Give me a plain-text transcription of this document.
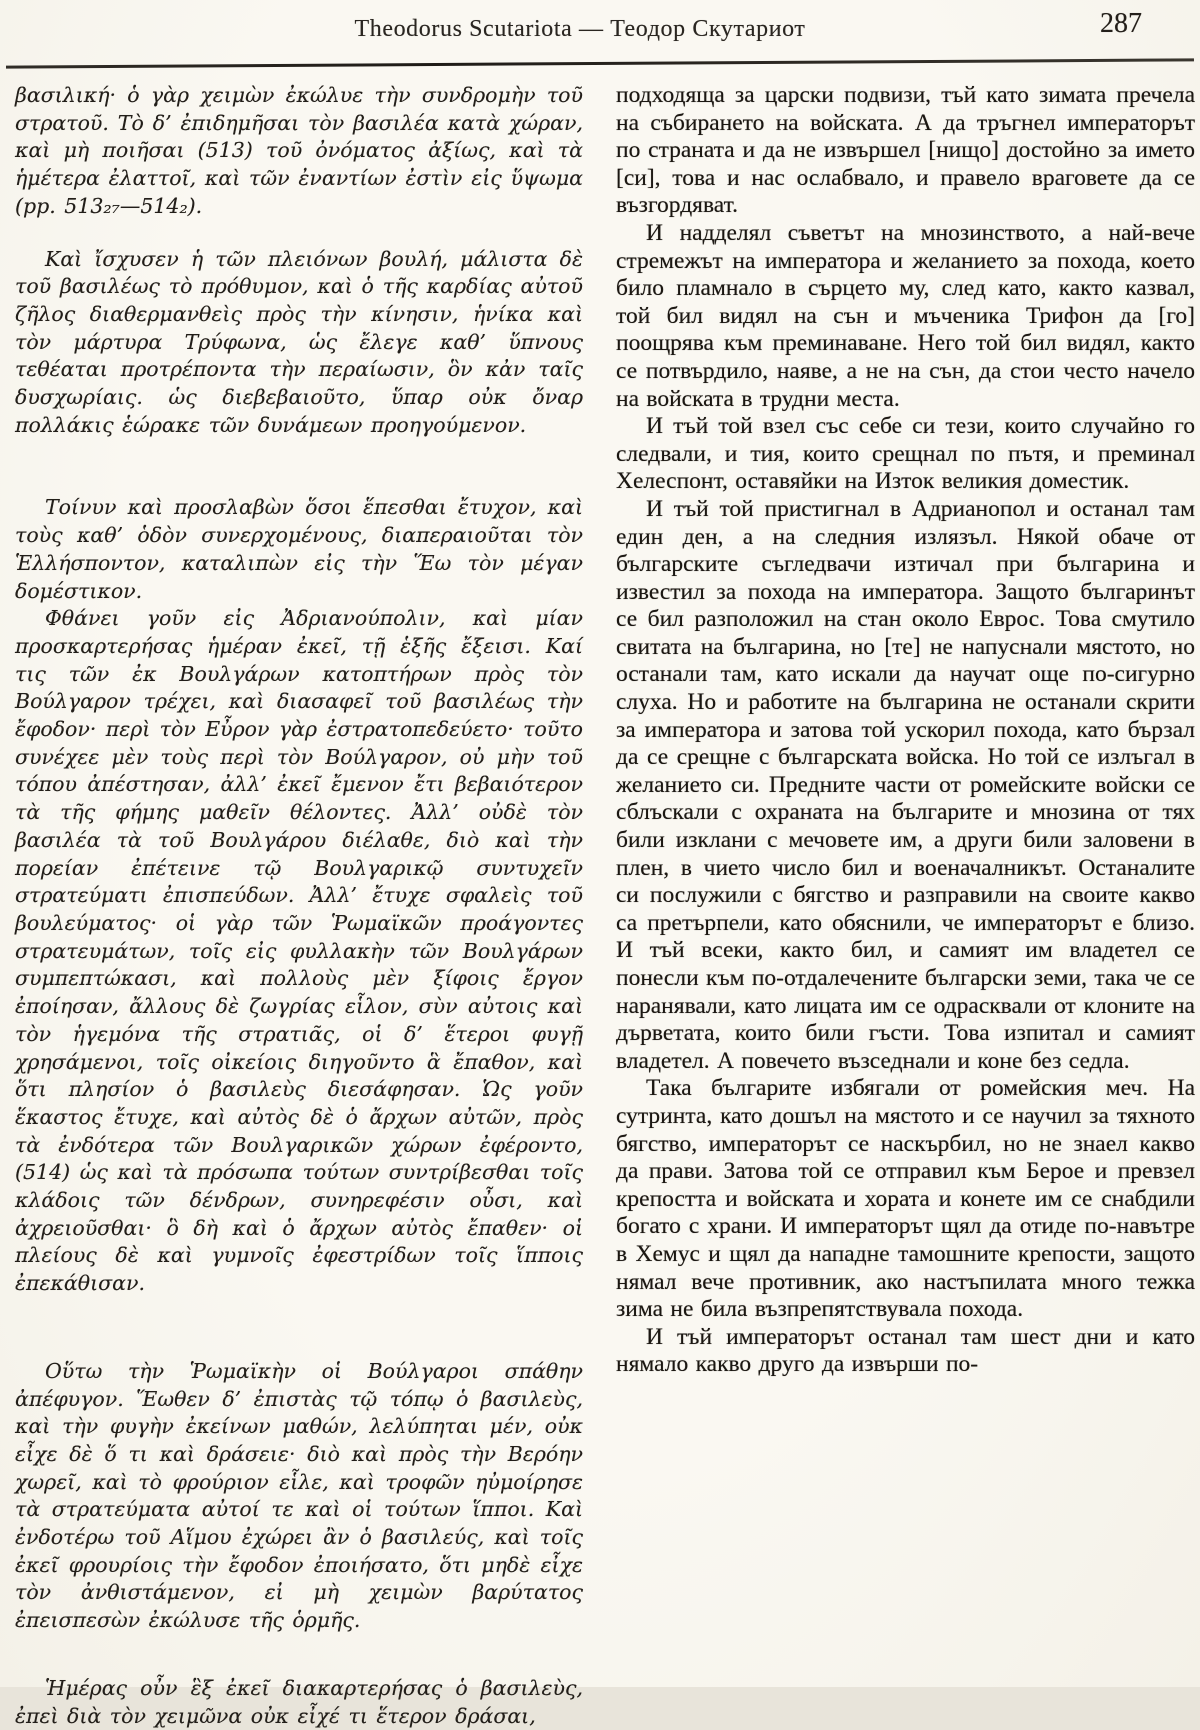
Theodorus Scutariota — Теодор Скутариот	287

βασιλική· ὁ γὰρ χειμὼν ἐκώλυε τὴν συνδρομὴν τοῦ στρατοῦ. Τὸ δ’ ἐπιδημῆσαι τὸν βασιλέα κατὰ χώραν, καὶ μὴ ποιῆσαι (513) τοῦ ὀνόματος ἀξίως, καὶ τὰ ἡμέτερα ἐλαττοῖ, καὶ τῶν ἐναντίων ἐστὶν εἰς ὕψωμα (pp. 513₂₇—514₂).

Καὶ ἴσχυσεν ἡ τῶν πλειόνων βουλή, μάλιστα δὲ τοῦ βασιλέως τὸ πρόθυμον, καὶ ὁ τῆς καρδίας αὐτοῦ ζῆλος διαθερμανθεὶς πρὸς τὴν κίνησιν, ἡνίκα καὶ τὸν μάρτυρα Τρύφωνα, ὡς ἔλεγε καθ’ ὕπνους τεθέαται προτρέποντα τὴν περαίωσιν, ὃν κἀν ταῖς δυσχωρίαις. ὡς διεβεβαιοῦτο, ὕπαρ οὐκ ὄναρ πολλάκις ἑώρακε τῶν δυνάμεων προηγούμενον.

Τοίνυν καὶ προσλαβὼν ὅσοι ἕπεσθαι ἔτυχον, καὶ τοὺς καθ’ ὁδὸν συνερχομένους, διαπεραιοῦται τὸν Ἑλλήσποντον, καταλιπὼν εἰς τὴν Ἕω τὸν μέγαν δομέστικον.

Φθάνει γοῦν εἰς Ἀδριανούπολιν, καὶ μίαν προσκαρτερήσας ἡμέραν ἐκεῖ, τῇ ἑξῆς ἔξεισι. Καί τις τῶν ἐκ Βουλγάρων κατοπτήρων πρὸς τὸν Βούλγαρον τρέχει, καὶ διασαφεῖ τοῦ βασιλέως τὴν ἔφοδον· περὶ τὸν Εὖρον γὰρ ἐστρατοπεδεύετο· τοῦτο συνέχεε μὲν τοὺς περὶ τὸν Βούλγαρον, οὐ μὴν τοῦ τόπου ἀπέστησαν, ἀλλ’ ἐκεῖ ἔμενον ἔτι βεβαιότερον τὰ τῆς φήμης μαθεῖν θέλοντες. Ἀλλ’ οὐδὲ τὸν βασιλέα τὰ τοῦ Βουλγάρου διέλαθε, διὸ καὶ τὴν πορείαν ἐπέτεινε τῷ Βουλγαρικῷ συντυχεῖν στρατεύματι ἐπισπεύδων. Ἀλλ’ ἔτυχε σφαλεὶς τοῦ βουλεύματος· οἱ γὰρ τῶν Ῥωμαϊκῶν προάγοντες στρατευμάτων, τοῖς εἰς φυλλακὴν τῶν Βουλγάρων συμπεπτώκασι, καὶ πολλοὺς μὲν ξίφοις ἔργον ἐποίησαν, ἄλλους δὲ ζωγρίας εἷλον, σὺν αὐτοις καὶ τὸν ἡγεμόνα τῆς στρατιᾶς, οἱ δ’ ἕτεροι φυγῇ χρησάμενοι, τοῖς οἰκείοις διηγοῦντο ἃ ἔπαθον, καὶ ὅτι πλησίον ὁ βασιλεὺς διεσάφησαν. Ὡς γοῦν ἕκαστος ἔτυχε, καὶ αὐτὸς δὲ ὁ ἄρχων αὐτῶν, πρὸς τὰ ἐνδότερα τῶν Βουλγαρικῶν χώρων ἐφέροντο, (514) ὡς καὶ τὰ πρόσωπα τούτων συντρίβεσθαι τοῖς κλάδοις τῶν δένδρων, συνηρεφέσιν οὖσι, καὶ ἀχρειοῦσθαι· ὃ δὴ καὶ ὁ ἄρχων αὐτὸς ἔπαθεν· οἱ πλείους δὲ καὶ γυμνοῖς ἐφεστρίδων τοῖς ἵπποις ἐπεκάθισαν.

Οὕτω τὴν Ῥωμαϊκὴν οἱ Βούλγαροι σπάθην ἀπέφυγον. Ἕωθεν δ’ ἐπιστὰς τῷ τόπῳ ὁ βασιλεὺς, καὶ τὴν φυγὴν ἐκείνων μαθών, λελύπηται μέν, οὐκ εἶχε δὲ ὅ τι καὶ δράσειε· διὸ καὶ πρὸς τὴν Βερόην χωρεῖ, καὶ τὸ φρούριον εἷλε, καὶ τροφῶν ηὐμοίρησε τὰ στρατεύματα αὐτοί τε καὶ οἱ τούτων ἵπποι. Καὶ ἐνδοτέρω τοῦ Αἵμου ἐχώρει ἂν ὁ βασιλεύς, καὶ τοῖς ἐκεῖ φρουρίοις τὴν ἔφοδον ἐποιήσατο, ὅτι μηδὲ εἶχε τὸν ἀνθιστάμενον, εἰ μὴ χειμὼν βαρύτατος ἐπεισπεσὼν ἐκώλυσε τῆς ὁρμῆς.

Ἡμέρας οὖν ἓξ ἐκεῖ διακαρτερήσας ὁ βασιλεὺς, ἐπεὶ διὰ τὸν χειμῶνα οὐκ εἶχέ τι ἕτερον δράσαι,

подходяща за царски подвизи, тъй като зимата пречела на събирането на войската. А да тръгнел императорът по страната и да не извършел [нищо] достойно за името [си], това и нас ослабвало, и правело враговете да се възгордяват.

И надделял съветът на мнозинството, а най-вече стремежът на императора и желанието за похода, което било пламнало в сърцето му, след като, както казвал, той бил видял на сън и мъченика Трифон да [го] поощрява към преминаване. Него той бил видял, както се потвърдило, наяве, а не на сън, да стои често начело на войската в трудни места.

И тъй той взел със себе си тези, които случайно го следвали, и тия, които срещнал по пътя, и преминал Хелеспонт, оставяйки на Изток великия доместик.

И тъй той пристигнал в Адрианопол и останал там един ден, а на следния излязъл. Някой обаче от българските съгледвачи изтичал при българина и известил за похода на императора. Защото българинът се бил разположил на стан около Еврос. Това смутило свитата на българина, но [те] не напуснали мястото, но останали там, като искали да научат още по-сигурно слуха. Но и работите на българина не останали скрити за императора и затова той ускорил похода, като бързал да се срещне с българската войска. Но той се излъгал в желанието си. Предните части от ромейските войски се сблъскали с охраната на българите и мнозина от тях били изклани с мечовете им, а други били заловени в плен, в чието число бил и военачалникът. Останалите си послужили с бягство и разправили на своите какво са претърпели, като обяснили, че императорът е близо. И тъй всеки, както бил, и самият им владетел се понесли към по-отдалечените български земи, така че се наранявали, като лицата им се одрасквали от клоните на дърветата, които били гъсти. Това изпитал и самият владетел. А повечето възседнали и коне без седла.

Така българите избягали от ромейския меч. На сутринта, като дошъл на мястото и се научил за тяхното бягство, императорът се наскърбил, но не знаел какво да прави. Затова той се отправил към Берое и превзел крепостта и войската и хората и конете им се снабдили богато с храни. И императорът щял да отиде по-навътре в Хемус и щял да нападне тамошните крепости, защото нямал вече противник, ако настъпилата много тежка зима не била възпрепятствувала похода.

И тъй императорът останал там шест дни и като нямало какво друго да извърши по-
